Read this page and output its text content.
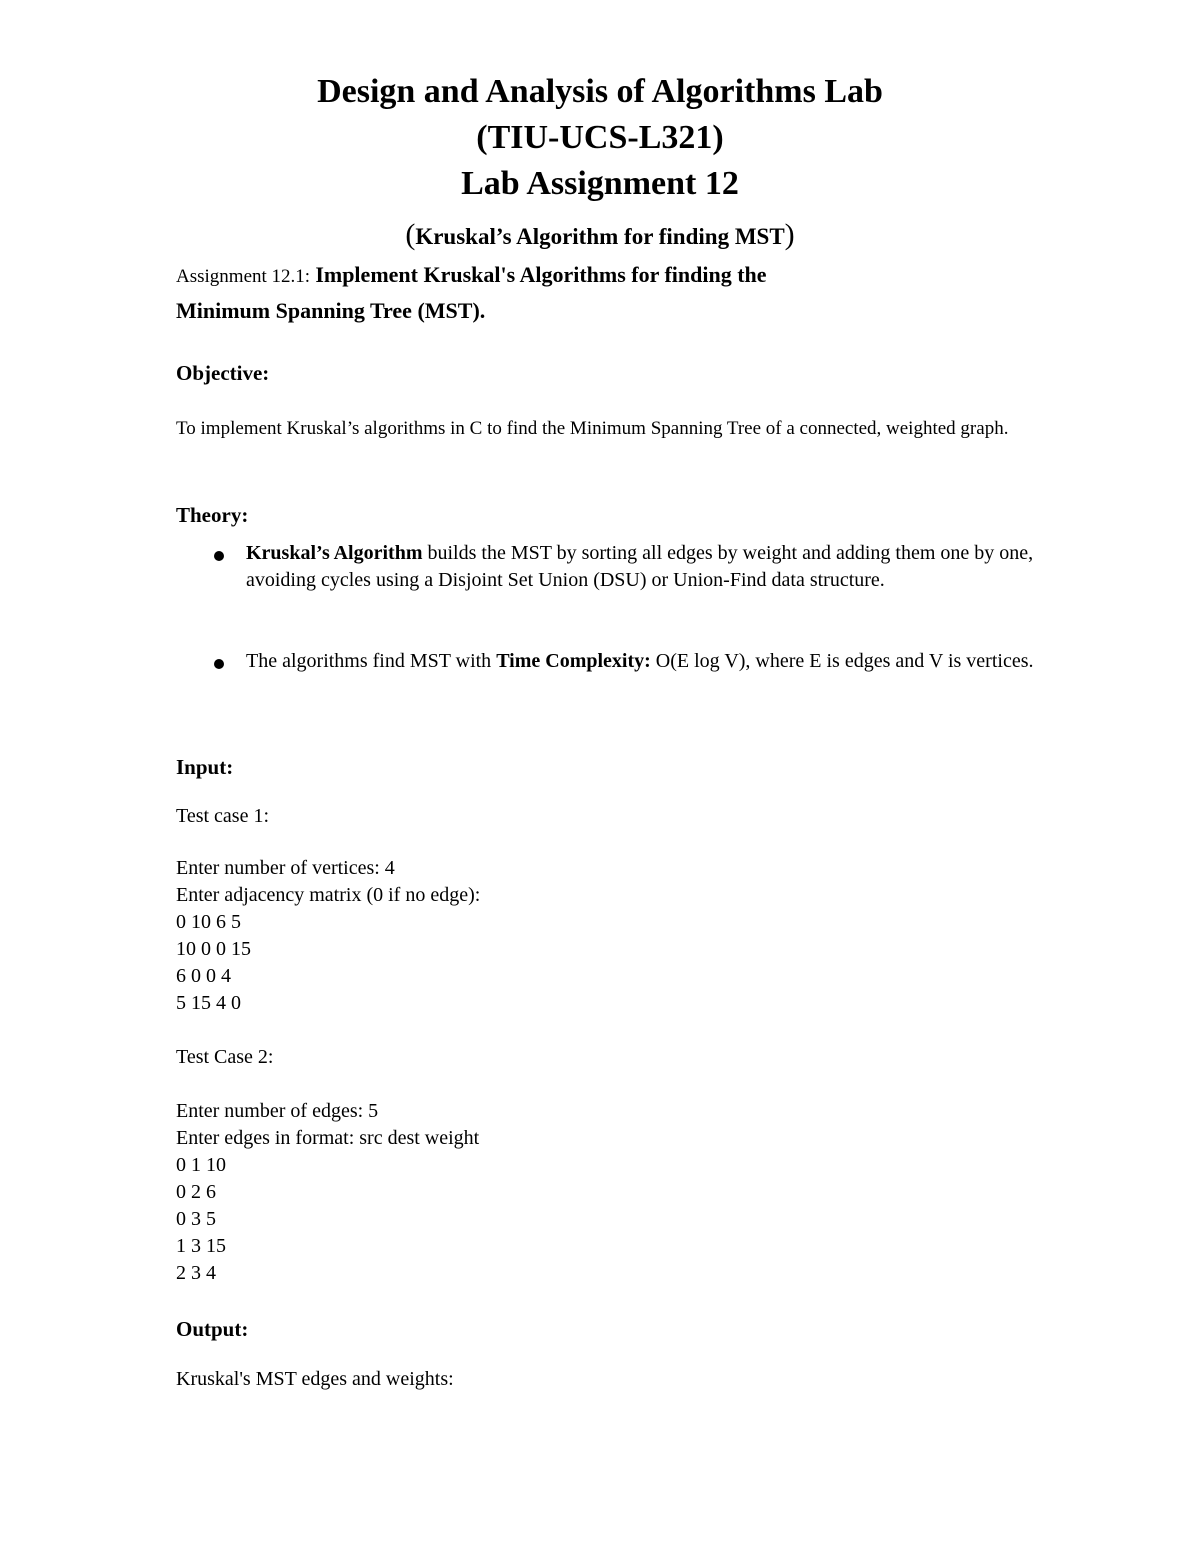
Design and Analysis of Algorithms Lab
(TIU-UCS-L321)
Lab Assignment 12
(Kruskal’s Algorithm for finding MST)
Assignment 12.1: Implement Kruskal's Algorithms for finding the
Minimum Spanning Tree (MST).
Objective:
To implement Kruskal’s algorithms in C to find the Minimum Spanning Tree of a connected, weighted graph.
Theory:
Kruskal’s Algorithm builds the MST by sorting all edges by weight and adding them one by one, avoiding cycles using a Disjoint Set Union (DSU) or Union-Find data structure.
The algorithms find MST with Time Complexity: O(E log V), where E is edges and V is vertices.
Input:
Test case 1:
Enter number of vertices: 4
Enter adjacency matrix (0 if no edge):
0 10 6 5
10 0 0 15
6 0 0 4
5 15 4 0
Test Case 2:
Enter number of edges: 5
Enter edges in format: src dest weight
0 1 10
0 2 6
0 3 5
1 3 15
2 3 4
Output:
Kruskal's MST edges and weights:
